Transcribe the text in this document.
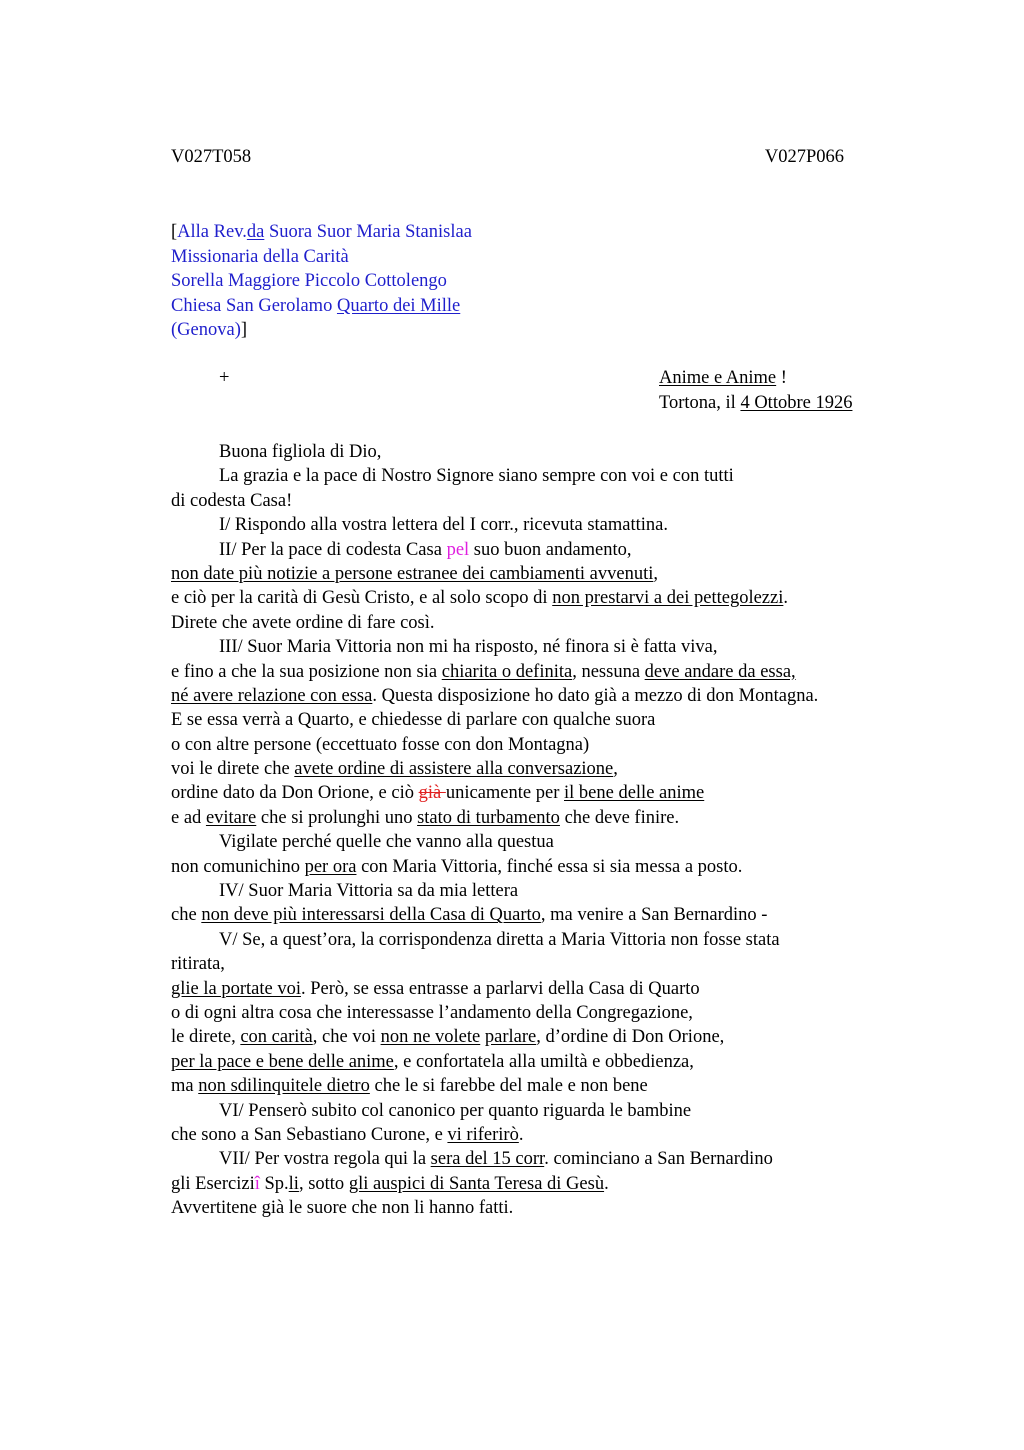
V027T058	V027P066
[Alla Rev.da Suora Suor Maria Stanislaa
Missionaria della Carità
Sorella Maggiore Piccolo Cottolengo
Chiesa San Gerolamo Quarto dei Mille
(Genova)]
+	Anime e Anime !
Tortona, il 4 Ottobre 1926
Buona figliola di Dio,
La grazia e la pace di Nostro Signore siano sempre con voi e con tutti
di codesta Casa!
I/ Rispondo alla vostra lettera del I corr., ricevuta stamattina.
II/ Per la pace di codesta Casa pel suo buon andamento,
non date più notizie a persone estranee dei cambiamenti avvenuti,
e ciò per la carità di Gesù Cristo, e al solo scopo di non prestarvi a dei pettegolezzi.
Direte che avete ordine di fare così.
III/ Suor Maria Vittoria non mi ha risposto, né finora si è fatta viva,
e fino a che la sua posizione non sia chiarita o definita, nessuna deve andare da essa,
né avere relazione con essa. Questa disposizione ho dato già a mezzo di don Montagna.
E se essa verrà a Quarto, e chiedesse di parlare con qualche suora
o con altre persone (eccettuato fosse con don Montagna)
voi le direte che avete ordine di assistere alla conversazione,
ordine dato da Don Orione, e ciò già unicamente per il bene delle anime
e ad evitare che si prolunghi uno stato di turbamento che deve finire.
Vigilate perché quelle che vanno alla questua
non comunichino per ora con Maria Vittoria, finché essa si sia messa a posto.
IV/ Suor Maria Vittoria sa da mia lettera
che non deve più interessarsi della Casa di Quarto, ma venire a San Bernardino -
V/ Se, a quest’ora, la corrispondenza diretta a Maria Vittoria non fosse stata
ritirata,
glie la portate voi. Però, se essa entrasse a parlarvi della Casa di Quarto
o di ogni altra cosa che interessasse l’andamento della Congregazione,
le direte, con carità, che voi non ne volete parlare, d’ordine di Don Orione,
per la pace e bene delle anime, e confortatela alla umiltà e obbedienza,
ma non sdilinquitele dietro che le si farebbe del male e non bene
VI/ Penserò subito col canonico per quanto riguarda le bambine
che sono a San Sebastiano Curone, e vi riferirò.
VII/ Per vostra regola qui la sera del 15 corr. cominciano a San Bernardino
gli Eserciziî Sp.li, sotto gli auspici di Santa Teresa di Gesù.
Avvertitene già le suore che non li hanno fatti.
